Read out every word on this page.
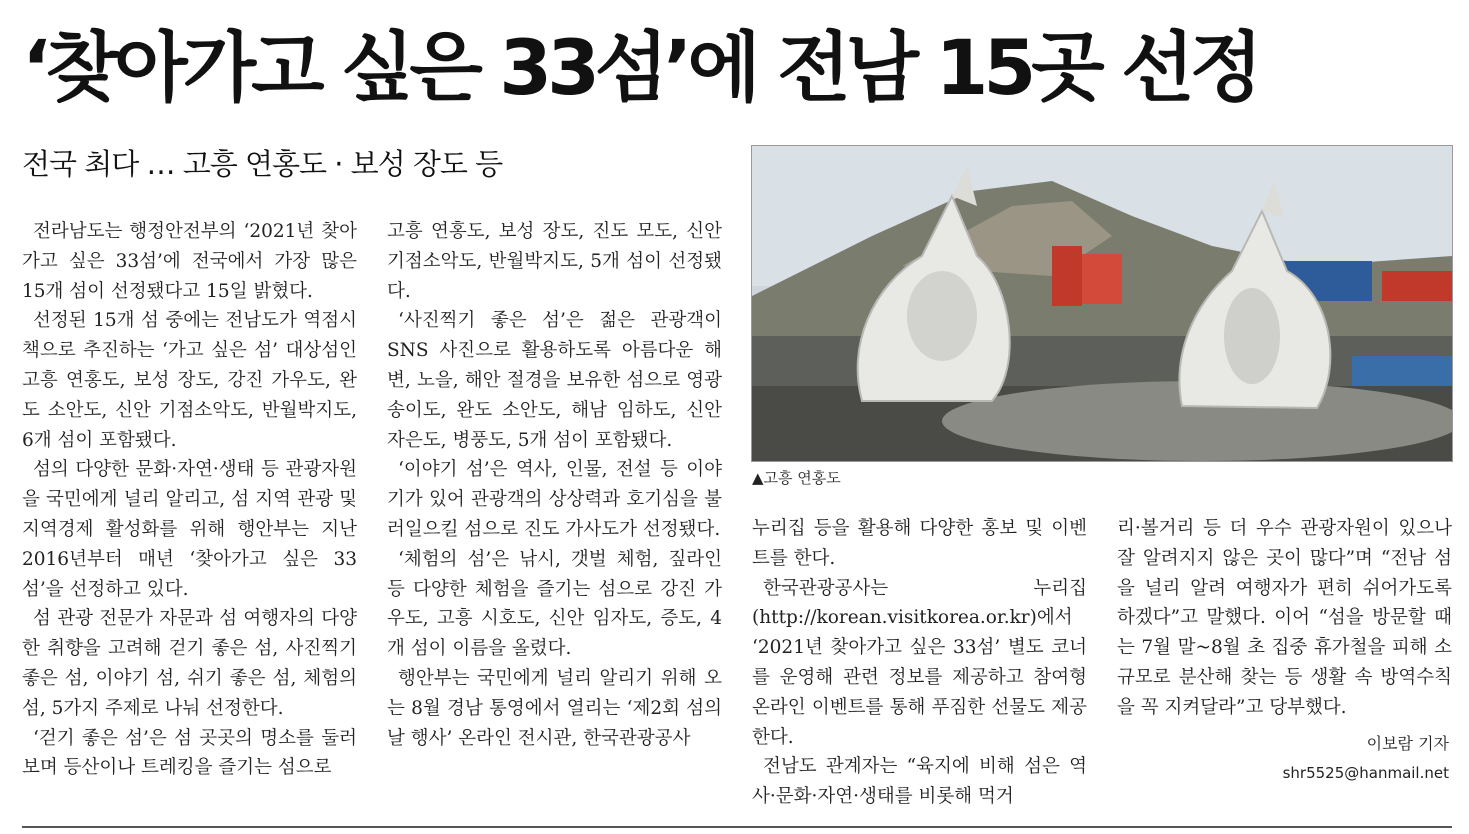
‘찾아가고 싶은 33섬’에 전남 15곳 선정
전국 최다 … 고흥 연홍도 · 보성 장도 등

전라남도는 행정안전부의 ‘2021년 찾아가고 싶은 33섬’에 전국에서 가장 많은 15개 섬이 선정됐다고 15일 밝혔다.

선정된 15개 섬 중에는 전남도가 역점시책으로 추진하는 ‘가고 싶은 섬’ 대상섬인 고흥 연홍도, 보성 장도, 강진 가우도, 완도 소안도, 신안 기점소악도, 반월박지도, 6개 섬이 포함됐다.

섬의 다양한 문화·자연·생태 등 관광자원을 국민에게 널리 알리고, 섬 지역 관광 및 지역경제 활성화를 위해 행안부는 지난 2016년부터 매년 ‘찾아가고 싶은 33섬’을 선정하고 있다.

섬 관광 전문가 자문과 섬 여행자의 다양한 취향을 고려해 걷기 좋은 섬, 사진찍기 좋은 섬, 이야기 섬, 쉬기 좋은 섬, 체험의 섬, 5가지 주제로 나눠 선정한다.

‘걷기 좋은 섬’은 섬 곳곳의 명소를 둘러보며 등산이나 트레킹을 즐기는 섬으로

고흥 연홍도, 보성 장도, 진도 모도, 신안 기점소악도, 반월박지도, 5개 섬이 선정됐다.

‘사진찍기 좋은 섬’은 젊은 관광객이 SNS 사진으로 활용하도록 아름다운 해변, 노을, 해안 절경을 보유한 섬으로 영광 송이도, 완도 소안도, 해남 임하도, 신안 자은도, 병풍도, 5개 섬이 포함됐다.

‘이야기 섬’은 역사, 인물, 전설 등 이야기가 있어 관광객의 상상력과 호기심을 불러일으킬 섬으로 진도 가사도가 선정됐다.

‘체험의 섬’은 낚시, 갯벌 체험, 짚라인 등 다양한 체험을 즐기는 섬으로 강진 가우도, 고흥 시호도, 신안 임자도, 증도, 4개 섬이 이름을 올렸다.

행안부는 국민에게 널리 알리기 위해 오는 8월 경남 통영에서 열리는 ‘제2회 섬의 날 행사’ 온라인 전시관, 한국관광공사

▲고흥 연홍도

누리집 등을 활용해 다양한 홍보 및 이벤트를 한다.

한국관광공사는 누리집(http://korean.visitkorea.or.kr)에서 ‘2021년 찾아가고 싶은 33섬’ 별도 코너를 운영해 관련 정보를 제공하고 참여형 온라인 이벤트를 통해 푸짐한 선물도 제공한다.

전남도 관계자는 “육지에 비해 섬은 역사·문화·자연·생태를 비롯해 먹거

리·볼거리 등 더 우수 관광자원이 있으나 잘 알려지지 않은 곳이 많다”며 “전남 섬을 널리 알려 여행자가 편히 쉬어가도록 하겠다”고 말했다. 이어 “섬을 방문할 때는 7월 말~8월 초 집중 휴가철을 피해 소규모로 분산해 찾는 등 생활 속 방역수칙을 꼭 지켜달라”고 당부했다.

이보람 기자
shr5525@hanmail.net
